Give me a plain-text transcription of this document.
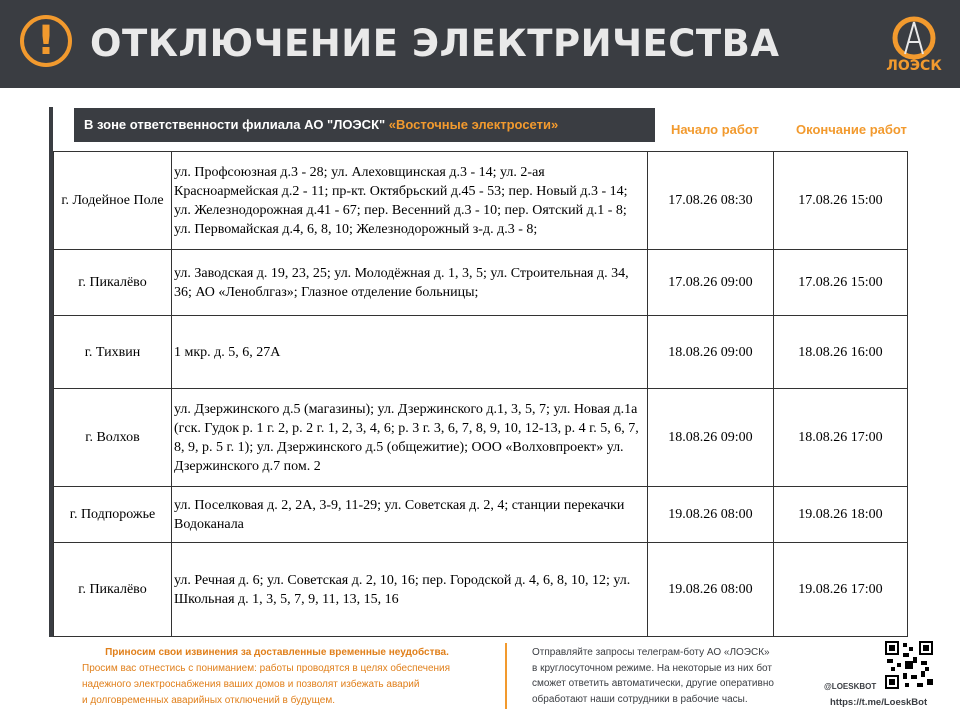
! ОТКЛЮЧЕНИЕ ЭЛЕКТРИЧЕСТВА
ЛОЭСК
В зоне ответственности филиала АО "ЛОЭСК" «Восточные электросети»	Начало работ	Окончание работ
г. Лодейное Поле	ул. Профсоюзная д.3 - 28; ул. Алеховщинская д.3 - 14; ул. 2-ая Красноармейская д.2 - 11; пр-кт. Октябрьский д.45 - 53; пер. Новый д.3 - 14; ул. Железнодорожная д.41 - 67; пер. Весенний д.3 - 10; пер. Оятский д.1 - 8; ул. Первомайская д.4, 6, 8, 10; Железнодорожный з-д. д.3 - 8;	17.08.26 08:30	17.08.26 15:00
г. Пикалёво	ул. Заводская д. 19, 23, 25; ул. Молодёжная д. 1, 3, 5; ул. Строительная д. 34, 36; АО «Леноблгаз»; Глазное отделение больницы;	17.08.26 09:00	17.08.26 15:00
г. Тихвин	1 мкр. д. 5, 6, 27А	18.08.26 09:00	18.08.26 16:00
г. Волхов	ул. Дзержинского д.5 (магазины); ул. Дзержинского д.1, 3, 5, 7; ул. Новая д.1а (гск. Гудок р. 1 г. 2, р. 2 г. 1, 2, 3, 4, 6; р. 3 г. 3, 6, 7, 8, 9, 10, 12-13, р. 4 г. 5, 6, 7, 8, 9, р. 5 г. 1); ул. Дзержинского д.5 (общежитие); ООО «Волховпроект» ул. Дзержинского д.7 пом. 2	18.08.26 09:00	18.08.26 17:00
г. Подпорожье	ул. Поселковая д. 2, 2А, 3-9, 11-29; ул. Советская д. 2, 4; станции перекачки Водоканала	19.08.26 08:00	19.08.26 18:00
г. Пикалёво	ул. Речная д. 6; ул. Советская д. 2, 10, 16; пер. Городской д. 4, 6, 8, 10, 12; ул. Школьная д. 1, 3, 5, 7, 9, 11, 13, 15, 16	19.08.26 08:00	19.08.26 17:00
Приносим свои извинения за доставленные временные неудобства.
Просим вас отнестись с пониманием: работы проводятся в целях обеспечения
надежного электроснабжения ваших домов и позволят избежать аварий
и долговременных аварийных отключений в будущем.
Отправляйте запросы телеграм-боту АО «ЛОЭСК»
в круглосуточном режиме. На некоторые из них бот
сможет ответить автоматически, другие оперативно
обработают наши сотрудники в рабочие часы.
@LOESKBOT
https://t.me/LoeskBot
